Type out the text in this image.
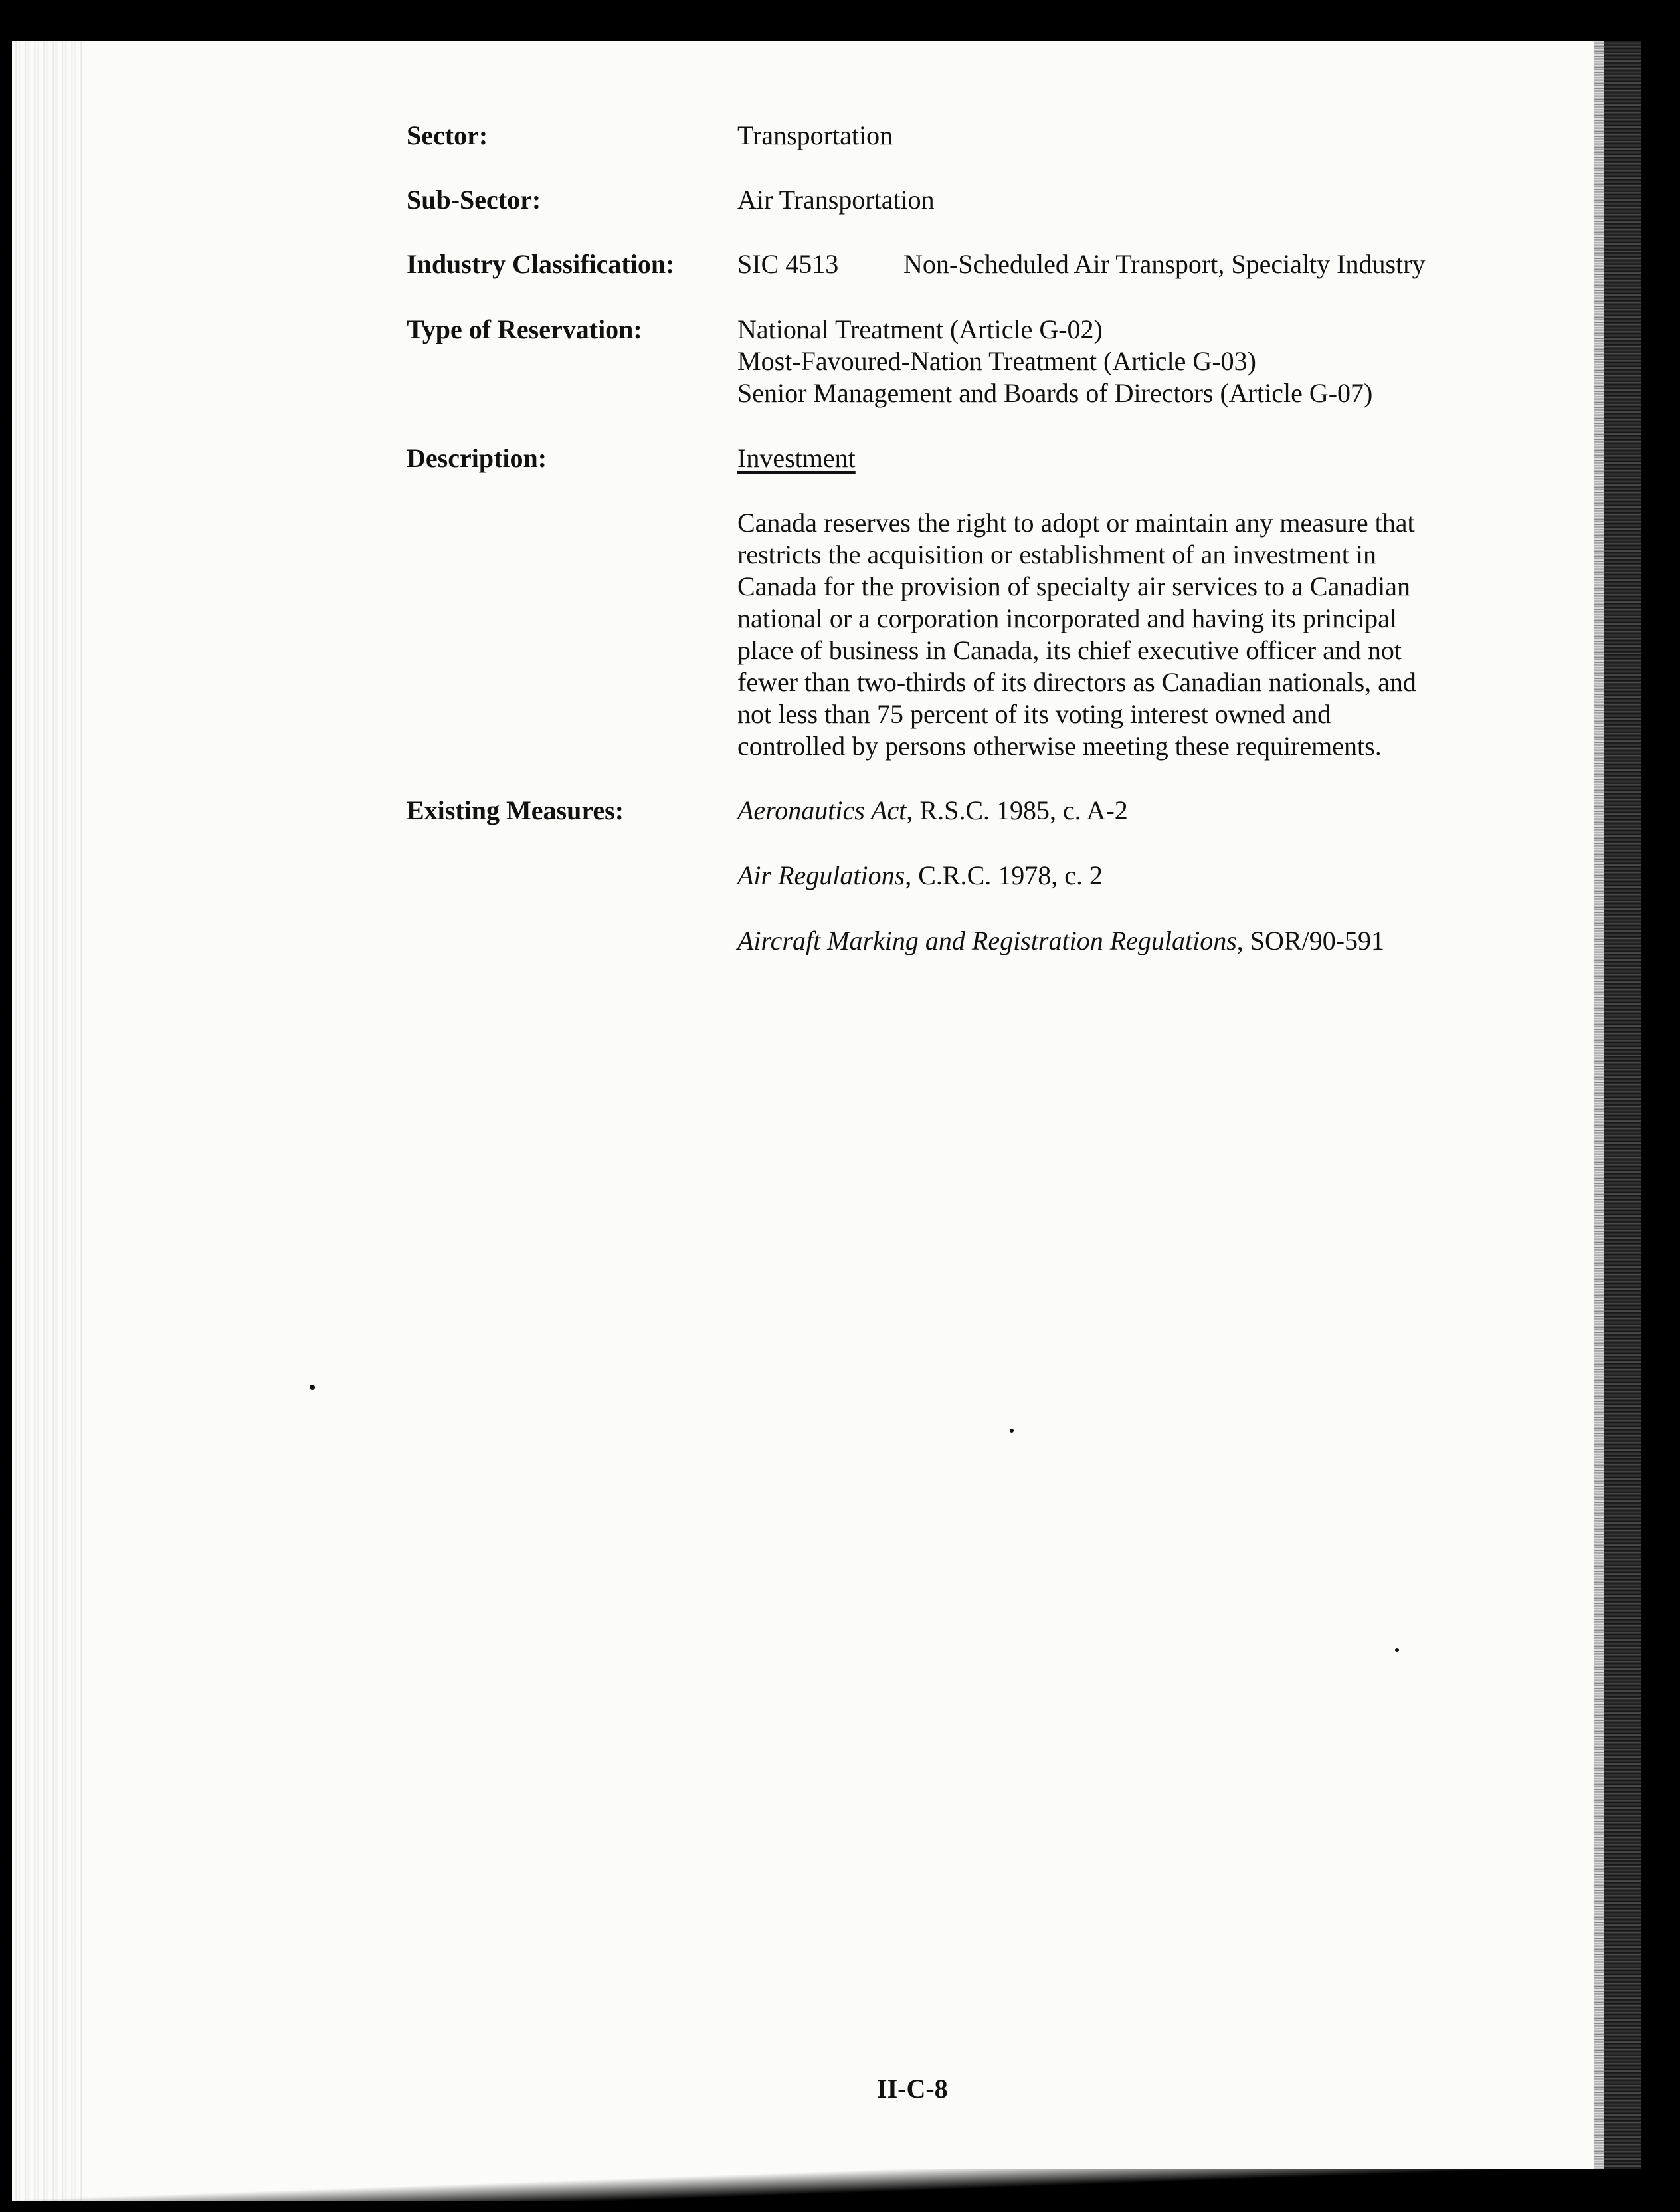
Sector:	Transportation
Sub-Sector:	Air Transportation
Industry Classification: SIC 4513 Non-Scheduled Air Transport, Specialty Industry
Type of Reservation:	National Treatment (Article G-02)
Most-Favoured-Nation Treatment (Article G-03)
Senior Management and Boards of Directors (Article G-07)
Description:	Investment
Canada reserves the right to adopt or maintain any measure that
restricts the acquisition or establishment of an investment in
Canada for the provision of specialty air services to a Canadian
national or a corporation incorporated and having its principal
place of business in Canada, its chief executive officer and not
fewer than two-thirds of its directors as Canadian nationals, and
not less than 75 percent of its voting interest owned and
controlled by persons otherwise meeting these requirements.
Existing Measures:	Aeronautics Act, R.S.C. 1985, c. A-2
Air Regulations, C.R.C. 1978, c. 2
Aircraft Marking and Registration Regulations, SOR/90-591
II-C-8
